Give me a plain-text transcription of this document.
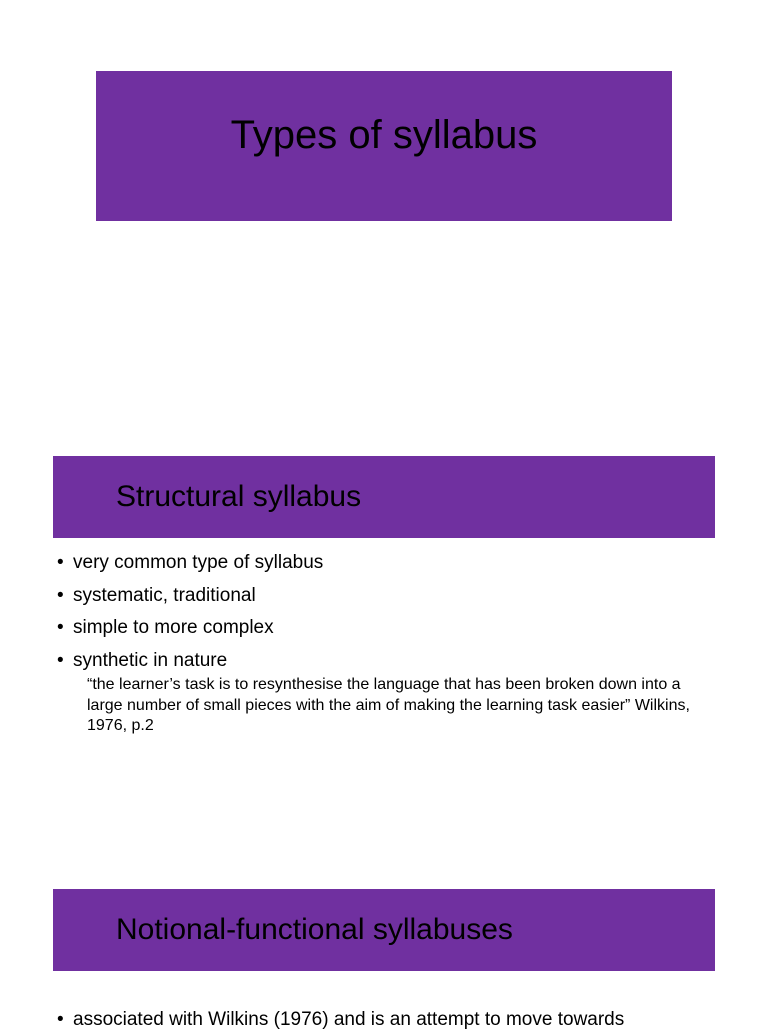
Types of syllabus
Structural syllabus
• very common type of syllabus
• systematic, traditional
• simple to more complex
• synthetic in nature
“the learner’s task is to resynthesise the language that has been broken down into a large number of small pieces with the aim of making the learning task easier” Wilkins, 1976, p.2
Notional-functional syllabuses
• associated with Wilkins (1976) and is an attempt to move towards
